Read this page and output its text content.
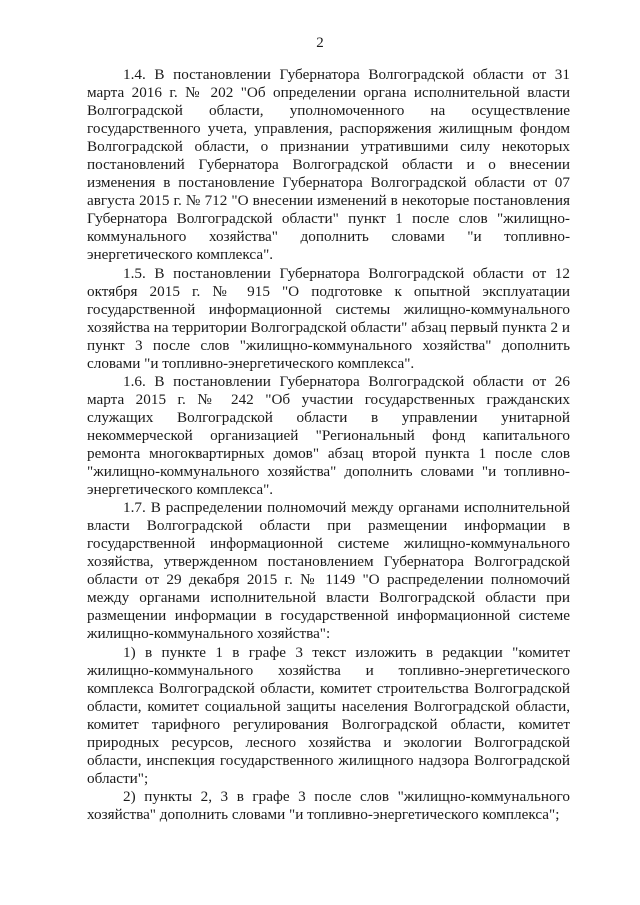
2

1.4. В постановлении Губернатора Волгоградской области от 31 марта 2016 г. № 202 "Об определении органа исполнительной власти Волгоградской области, уполномоченного на осуществление государственного учета, управления, распоряжения жилищным фондом Волгоградской области, о признании утратившими силу некоторых постановлений Губернатора Волгоградской области и о внесении изменения в постановление Губернатора Волгоградской области от 07 августа 2015 г. № 712 "О внесении изменений в некоторые постановления Губернатора Волгоградской области" пункт 1 после слов "жилищно-коммунального хозяйства" дополнить словами "и топливно-энергетического комплекса".

1.5. В постановлении Губернатора Волгоградской области от 12 октября 2015 г. № 915 "О подготовке к опытной эксплуатации государственной информационной системы жилищно-коммунального хозяйства на территории Волгоградской области" абзац первый пункта 2 и пункт 3 после слов "жилищно-коммунального хозяйства" дополнить словами "и топливно-энергетического комплекса".

1.6. В постановлении Губернатора Волгоградской области от 26 марта 2015 г. № 242 "Об участии государственных гражданских служащих Волгоградской области в управлении унитарной некоммерческой организацией "Региональный фонд капитального ремонта многоквартирных домов" абзац второй пункта 1 после слов "жилищно-коммунального хозяйства" дополнить словами "и топливно-энергетического комплекса".

1.7. В распределении полномочий между органами исполнительной власти Волгоградской области при размещении информации в государственной информационной системе жилищно-коммунального хозяйства, утвержденном постановлением Губернатора Волгоградской области от 29 декабря 2015 г. № 1149 "О распределении полномочий между органами исполнительной власти Волгоградской области при размещении информации в государственной информационной системе жилищно-коммунального хозяйства":

1) в пункте 1 в графе 3 текст изложить в редакции "комитет жилищно-коммунального хозяйства и топливно-энергетического комплекса Волгоградской области, комитет строительства Волгоградской области, комитет социальной защиты населения Волгоградской области, комитет тарифного регулирования Волгоградской области, комитет природных ресурсов, лесного хозяйства и экологии Волгоградской области, инспекция государственного жилищного надзора Волгоградской области";

2) пункты 2, 3 в графе 3 после слов "жилищно-коммунального хозяйства" дополнить словами "и топливно-энергетического комплекса";
